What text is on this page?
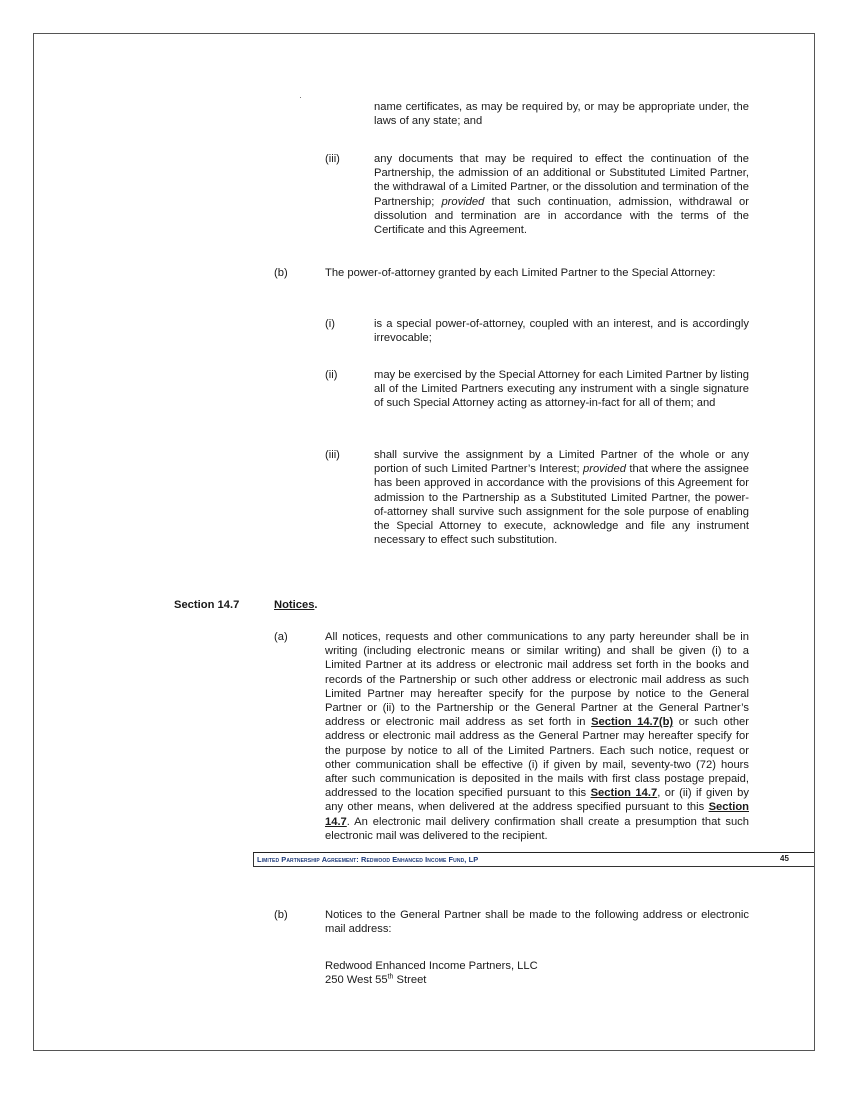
name certificates, as may be required by, or may be appropriate under, the laws of any state; and

(iii)	any documents that may be required to effect the continuation of the Partnership, the admission of an additional or Substituted Limited Partner, the withdrawal of a Limited Partner, or the dissolution and termination of the Partnership; provided that such continuation, admission, withdrawal or dissolution and termination are in accordance with the terms of the Certificate and this Agreement.

(b)	The power-of-attorney granted by each Limited Partner to the Special Attorney:

(i)	is a special power-of-attorney, coupled with an interest, and is accordingly irrevocable;

(ii)	may be exercised by the Special Attorney for each Limited Partner by listing all of the Limited Partners executing any instrument with a single signature of such Special Attorney acting as attorney-in-fact for all of them; and

(iii)	shall survive the assignment by a Limited Partner of the whole or any portion of such Limited Partner’s Interest; provided that where the assignee has been approved in accordance with the provisions of this Agreement for admission to the Partnership as a Substituted Limited Partner, the power-of-attorney shall survive such assignment for the sole purpose of enabling the Special Attorney to execute, acknowledge and file any instrument necessary to effect such substitution.

Section 14.7	Notices.
(a)	All notices, requests and other communications to any party hereunder shall be in writing (including electronic means or similar writing) and shall be given (i) to a Limited Partner at its address or electronic mail address set forth in the books and records of the Partnership or such other address or electronic mail address as such Limited Partner may hereafter specify for the purpose by notice to the General Partner or (ii) to the Partnership or the General Partner at the General Partner’s address or electronic mail address as set forth in Section 14.7(b) or such other address or electronic mail address as the General Partner may hereafter specify for the purpose by notice to all of the Limited Partners. Each such notice, request or other communication shall be effective (i) if given by mail, seventy-two (72) hours after such communication is deposited in the mails with first class postage prepaid, addressed to the location specified pursuant to this Section 14.7, or (ii) if given by any other means, when delivered at the address specified pursuant to this Section 14.7. An electronic mail delivery confirmation shall create a presumption that such electronic mail was delivered to the recipient.

(b)	Notices to the General Partner shall be made to the following address or electronic mail address:

Redwood Enhanced Income Partners, LLC
250 West 55th Street
Limited Partnership Agreement: Redwood Enhanced Income Fund, LP	45
